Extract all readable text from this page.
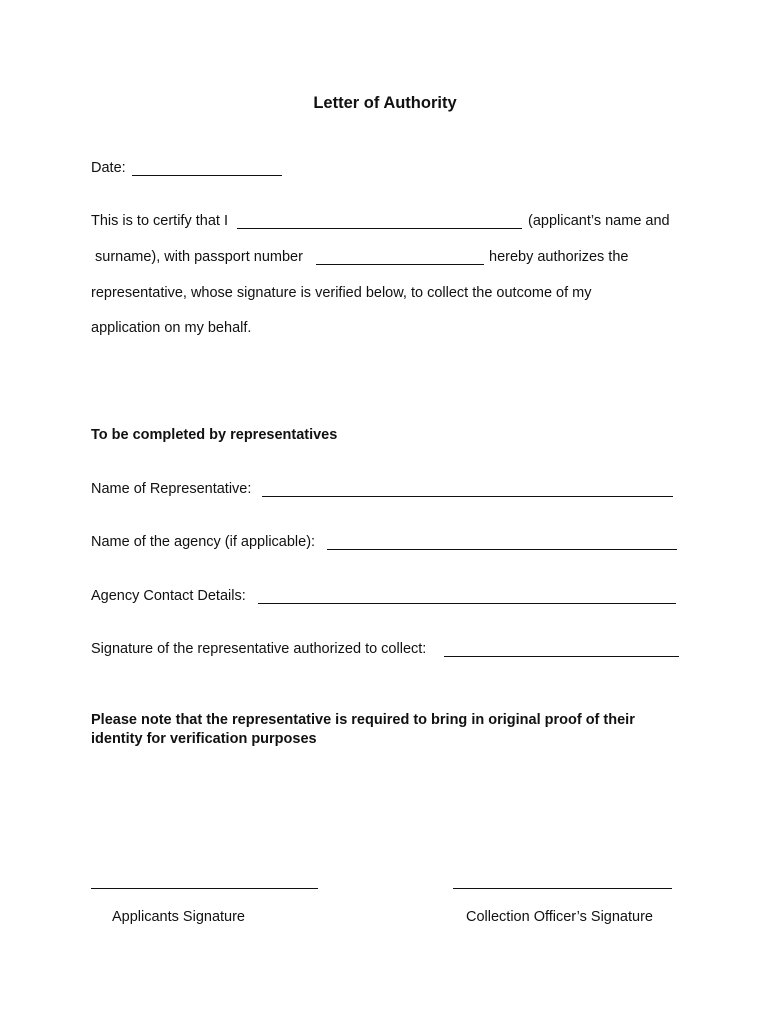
Letter of Authority
Date:
This is to certify that I	(applicant’s name and
surname), with passport number	hereby authorizes the
representative, whose signature is verified below, to collect the outcome of my
application on my behalf.
To be completed by representatives
Name of Representative:
Name of the agency (if applicable):
Agency Contact Details:
Signature of the representative authorized to collect:
Please note that the representative is required to bring in original proof of their
identity for verification purposes
Applicants Signature	Collection Officer’s Signature
